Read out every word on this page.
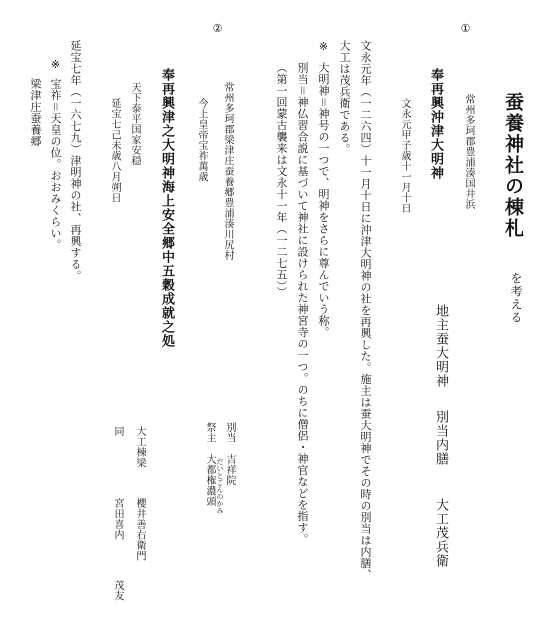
蚕養神社の棟札
を考える
①
常州多珂郡豊浦湊国井浜
奉再興沖津大明神
文永元甲子歳十一月十日
地主蚕大明神
別当内膳
大工茂兵衛
文永元年（一二六四）十一月十日に沖津大明神の社を再興した。施主は蚕大明神でその時の別当は内膳、
大工は茂兵衛である。
※
大明神＝神号の一つで、明神をさらに尊んでいう称。
別当＝神仏習合説に基づいて神社に設けられた神宮寺の一つ。のちに僧侶・神官などを指す。
（第一回蒙古襲来は文永十一年（一二七五））
②
常州多珂郡梁津庄蚕養郷豊浦湊川尻村
今上皇帝宝祚萬歳
奉再興津之大明神海上安全郷中五穀成就之処
天下泰平国家安穏
延宝七己未歳八月朔日
別当
吉祥院
祭主
大都権濃頭 だいとごんのかみ
大工棟梁
櫻井善右衛門
同
宮田喜内
茂友
延宝七年（一六七九）津明神の社、再興する。
※
宝祚＝天皇の位。おおみくらい。
梁津庄蚕養郷
